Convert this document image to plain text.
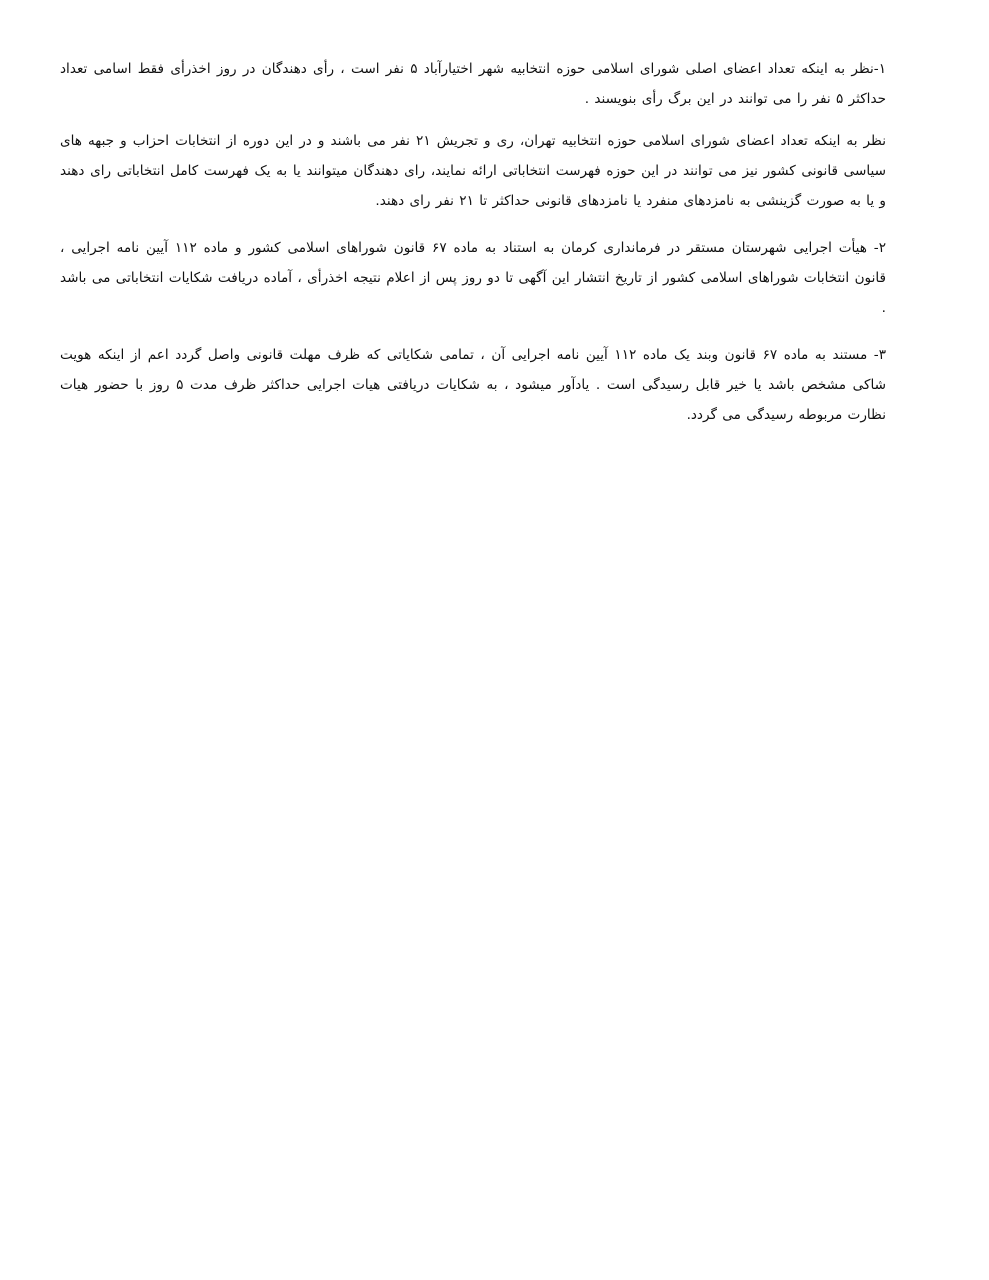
۱-نظر به اینکه تعداد اعضای اصلی شورای اسلامی حوزه انتخابیه شهر اختیارآباد ۵ نفر است ، رأی دهندگان در روز اخذرأی فقط اسامی تعداد حداکثر ۵ نفر را می توانند در این برگ رأی بنویسند .

نظر به اینکه تعداد اعضای شورای اسلامی حوزه انتخابیه تهران، ری و تجریش ۲۱ نفر می باشند و در این دوره از انتخابات احزاب و جبهه های سیاسی قانونی کشور نیز می توانند در این حوزه فهرست انتخاباتی ارائه نمایند، رای دهندگان میتوانند یا به یک فهرست کامل انتخاباتی رای دهند و یا به صورت گزینشی به نامزدهای منفرد یا نامزدهای قانونی حداکثر تا ۲۱ نفر رای دهند.

۲- هیأت اجرایی شهرستان مستقر در فرمانداری کرمان به استناد به ماده ۶۷ قانون شوراهای اسلامی کشور و ماده ۱۱۲ آیین نامه اجرایی ، قانون انتخابات شوراهای اسلامی کشور از تاریخ انتشار این آگهی تا دو روز پس از اعلام نتیجه اخذرأی ، آماده دریافت شکایات انتخاباتی می باشد .

۳- مستند به ماده ۶۷ قانون وبند یک ماده ۱۱۲ آیین نامه اجرایی آن ، تمامی شکایاتی که ظرف مهلت قانونی واصل گردد اعم از اینکه هویت شاکی مشخص باشد یا خیر قابل رسیدگی است . یادآور میشود ، به شکایات دریافتی هیات اجرایی حداکثر ظرف مدت ۵ روز با حضور هیات نظارت مربوطه رسیدگی می گردد.
